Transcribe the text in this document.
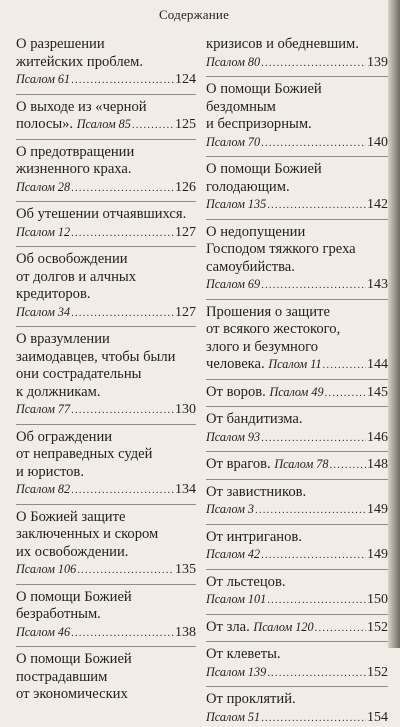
Содержание
О разрешении
житейских проблем.
Псалом 61 .....	124
О выходе из «черной
полосы».
Псалом 85 .....	125
О предотвращении
жизненного краха.
Псалом 28 .....	126
Об утешении отчаявшихся.
Псалом 12 .....	127
Об освобождении
от долгов и алчных
кредиторов.
Псалом 34 .....	127
О вразумлении
заимодавцев, чтобы были
они сострадательны
к должникам.
Псалом 77 .....	130
Об ограждении
от неправедных судей
и юристов.
Псалом 82 .....	134
О Божией защите
заключенных и скором
их освобождении.
Псалом 106 .....	135
О помощи Божией
безработным.
Псалом 46 .....	138
О помощи Божией
пострадавшим
от экономических
кризисов и обедневшим.
Псалом 80 .....	139
О помощи Божией
бездомным
и беспризорным.
Псалом 70 .....	140
О помощи Божией
голодающим.
Псалом 135 .....	142
О недопущении
Господом тяжкого греха
самоубийства.
Псалом 69 .....	143
Прошения о защите
от всякого жестокого,
злого и безумного
человека.
Псалом 11 .....	144
От воров.
Псалом 49 .....	145
От бандитизма.
Псалом 93 .....	146
От врагов.
Псалом 78 .....	148
От завистников.
Псалом 3 .....	149
От интриганов.
Псалом 42 .....	149
От льстецов.
Псалом 101 .....	150
От зла.
Псалом 120 .....	152
От клеветы.
Псалом 139 .....	152
От проклятий.
Псалом 51 .....	154
